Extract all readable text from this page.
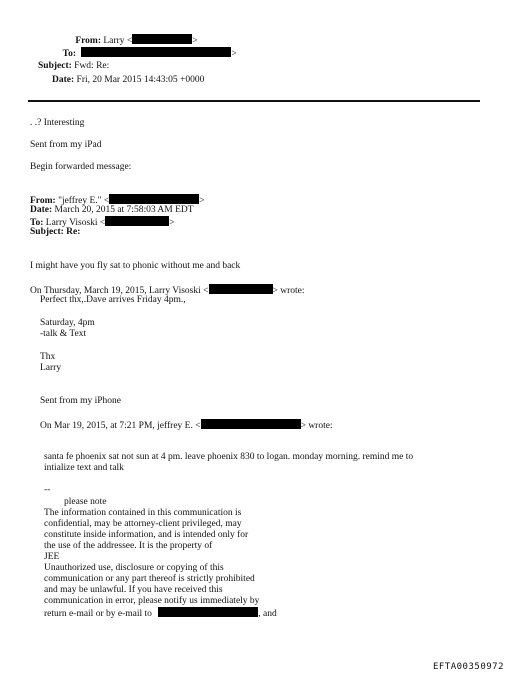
From: Larry <	>
To:	>
Subject: Fwd: Re:
Date: Fri, 20 Mar 2015 14:43:05 +0000
. .? Interesting
Sent from my iPad
Begin forwarded message:
From: "jeffrey E." <	>
Date: March 20, 2015 at 7:58:03 AM EDT
To: Larry Visoski <	>
Subject: Re:
I might have you fly sat to phonic without me and back
On Thursday, March 19, 2015, Larry Visoski <	> wrote:
Perfect thx,.Dave arrives Friday 4pm.,
Saturday, 4pm
-talk & Text
Thx
Larry
Sent from my iPhone
On Mar 19, 2015, at 7:21 PM, jeffrey E. <	> wrote:
santa fe phoenix sat not sun at 4 pm. leave phoenix 830 to logan. monday morning. remind me to
intialize text and talk
--
please note
The information contained in this communication is
confidential, may be attorney-client privileged, may
constitute inside information, and is intended only for
the use of the addressee. It is the property of
JEE
Unauthorized use, disclosure or copying of this
communication or any part thereof is strictly prohibited
and may be unlawful. If you have received this
communication in error, please notify us immediately by
return e-mail or by e-mail to	, and
EFTA00350972
